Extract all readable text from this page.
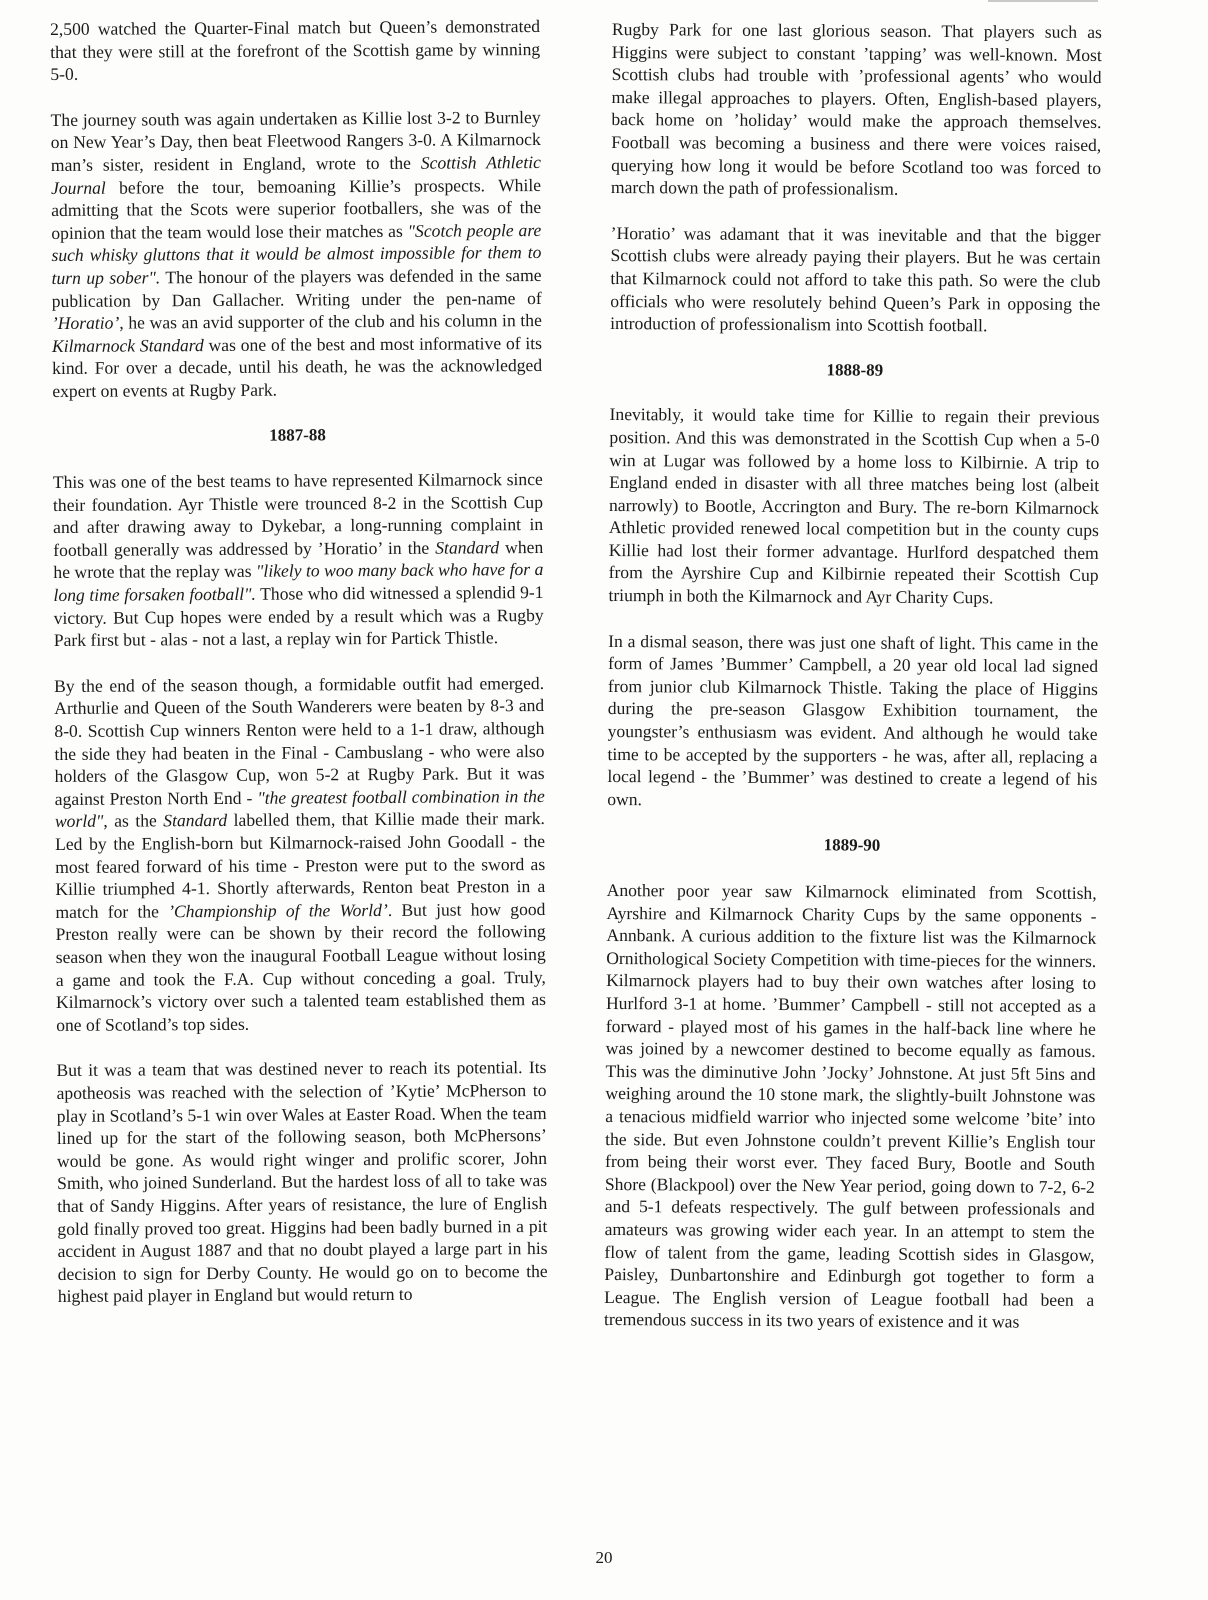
2,500 watched the Quarter-Final match but Queen’s demonstrated that they were still at the forefront of the Scottish game by winning 5-0.

The journey south was again undertaken as Killie lost 3-2 to Burnley on New Year’s Day, then beat Fleetwood Rangers 3-0. A Kilmarnock man’s sister, resident in England, wrote to the Scottish Athletic Journal before the tour, bemoaning Killie’s prospects. While admitting that the Scots were superior footballers, she was of the opinion that the team would lose their matches as "Scotch people are such whisky gluttons that it would be almost impossible for them to turn up sober". The honour of the players was defended in the same publication by Dan Gallacher. Writing under the pen-name of ’Horatio’, he was an avid supporter of the club and his column in the Kilmarnock Standard was one of the best and most informative of its kind. For over a decade, until his death, he was the acknowledged expert on events at Rugby Park.

1887-88

This was one of the best teams to have represented Kilmarnock since their foundation. Ayr Thistle were trounced 8-2 in the Scottish Cup and after drawing away to Dykebar, a long-running complaint in football generally was addressed by ’Horatio’ in the Standard when he wrote that the replay was "likely to woo many back who have for a long time forsaken football". Those who did witnessed a splendid 9-1 victory. But Cup hopes were ended by a result which was a Rugby Park first but - alas - not a last, a replay win for Partick Thistle.

By the end of the season though, a formidable outfit had emerged. Arthurlie and Queen of the South Wanderers were beaten by 8-3 and 8-0. Scottish Cup winners Renton were held to a 1-1 draw, although the side they had beaten in the Final - Cambuslang - who were also holders of the Glasgow Cup, won 5-2 at Rugby Park. But it was against Preston North End - "the greatest football combination in the world", as the Standard labelled them, that Killie made their mark. Led by the English-born but Kilmarnock-raised John Goodall - the most feared forward of his time - Preston were put to the sword as Killie triumphed 4-1. Shortly afterwards, Renton beat Preston in a match for the ’Championship of the World’. But just how good Preston really were can be shown by their record the following season when they won the inaugural Football League without losing a game and took the F.A. Cup without conceding a goal. Truly, Kilmarnock’s victory over such a talented team established them as one of Scotland’s top sides.

But it was a team that was destined never to reach its potential. Its apotheosis was reached with the selection of ’Kytie’ McPherson to play in Scotland’s 5-1 win over Wales at Easter Road. When the team lined up for the start of the following season, both McPhersons’ would be gone. As would right winger and prolific scorer, John Smith, who joined Sunderland. But the hardest loss of all to take was that of Sandy Higgins. After years of resistance, the lure of English gold finally proved too great. Higgins had been badly burned in a pit accident in August 1887 and that no doubt played a large part in his decision to sign for Derby County. He would go on to become the highest paid player in England but would return to

Rugby Park for one last glorious season. That players such as Higgins were subject to constant ’tapping’ was well-known. Most Scottish clubs had trouble with ’professional agents’ who would make illegal approaches to players. Often, English-based players, back home on ’holiday’ would make the approach themselves. Football was becoming a business and there were voices raised, querying how long it would be before Scotland too was forced to march down the path of professionalism.

’Horatio’ was adamant that it was inevitable and that the bigger Scottish clubs were already paying their players. But he was certain that Kilmarnock could not afford to take this path. So were the club officials who were resolutely behind Queen’s Park in opposing the introduction of professionalism into Scottish football.

1888-89

Inevitably, it would take time for Killie to regain their previous position. And this was demonstrated in the Scottish Cup when a 5-0 win at Lugar was followed by a home loss to Kilbirnie. A trip to England ended in disaster with all three matches being lost (albeit narrowly) to Bootle, Accrington and Bury. The re-born Kilmarnock Athletic provided renewed local competition but in the county cups Killie had lost their former advantage. Hurlford despatched them from the Ayrshire Cup and Kilbirnie repeated their Scottish Cup triumph in both the Kilmarnock and Ayr Charity Cups.

In a dismal season, there was just one shaft of light. This came in the form of James ’Bummer’ Campbell, a 20 year old local lad signed from junior club Kilmarnock Thistle. Taking the place of Higgins during the pre-season Glasgow Exhibition tournament, the youngster’s enthusiasm was evident. And although he would take time to be accepted by the supporters - he was, after all, replacing a local legend - the ’Bummer’ was destined to create a legend of his own.

1889-90

Another poor year saw Kilmarnock eliminated from Scottish, Ayrshire and Kilmarnock Charity Cups by the same opponents - Annbank. A curious addition to the fixture list was the Kilmarnock Ornithological Society Competition with time-pieces for the winners. Kilmarnock players had to buy their own watches after losing to Hurlford 3-1 at home. ’Bummer’ Campbell - still not accepted as a forward - played most of his games in the half-back line where he was joined by a newcomer destined to become equally as famous. This was the diminutive John ’Jocky’ Johnstone. At just 5ft 5ins and weighing around the 10 stone mark, the slightly-built Johnstone was a tenacious midfield warrior who injected some welcome ’bite’ into the side. But even Johnstone couldn’t prevent Killie’s English tour from being their worst ever. They faced Bury, Bootle and South Shore (Blackpool) over the New Year period, going down to 7-2, 6-2 and 5-1 defeats respectively. The gulf between professionals and amateurs was growing wider each year. In an attempt to stem the flow of talent from the game, leading Scottish sides in Glasgow, Paisley, Dunbartonshire and Edinburgh got together to form a League. The English version of League football had been a tremendous success in its two years of existence and it was

20
